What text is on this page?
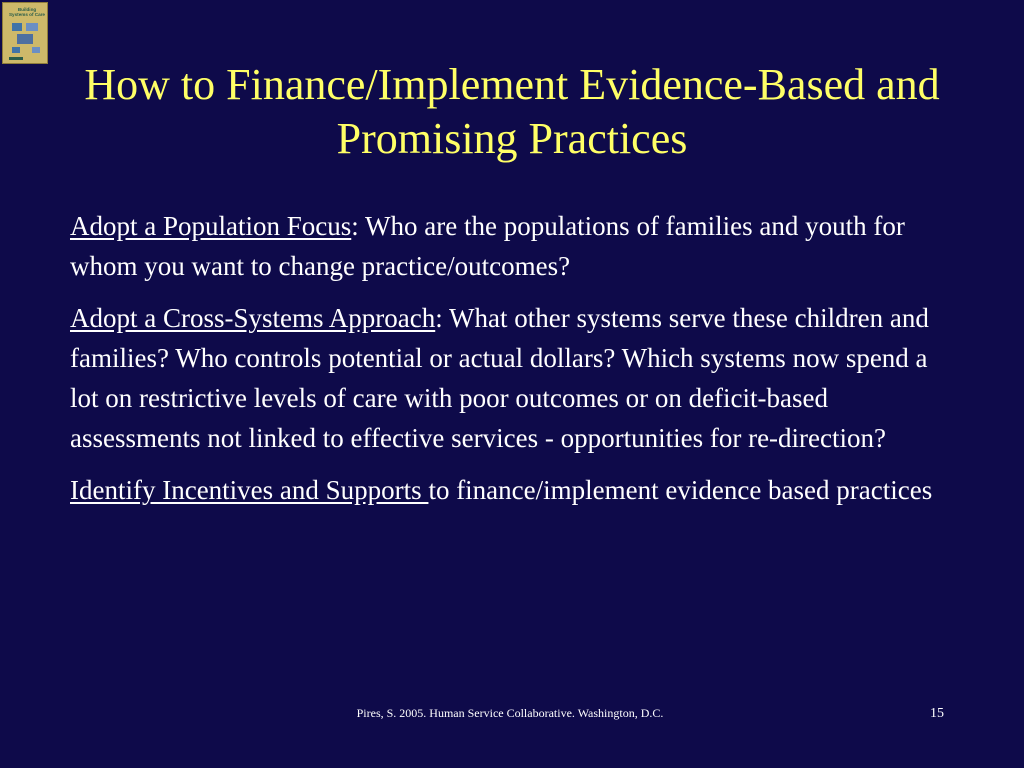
Building Systems of Care
How to Finance/Implement Evidence-Based and Promising Practices

Adopt a Population Focus: Who are the populations of families and youth for whom you want to change practice/outcomes?

Adopt a Cross-Systems Approach: What other systems serve these children and families? Who controls potential or actual dollars? Which systems now spend a lot on restrictive levels of care with poor outcomes or on deficit-based assessments not linked to effective services - opportunities for re-direction?

Identify Incentives and Supports to finance/implement evidence based practices

Pires, S. 2005. Human Service Collaborative. Washington, D.C.	15
